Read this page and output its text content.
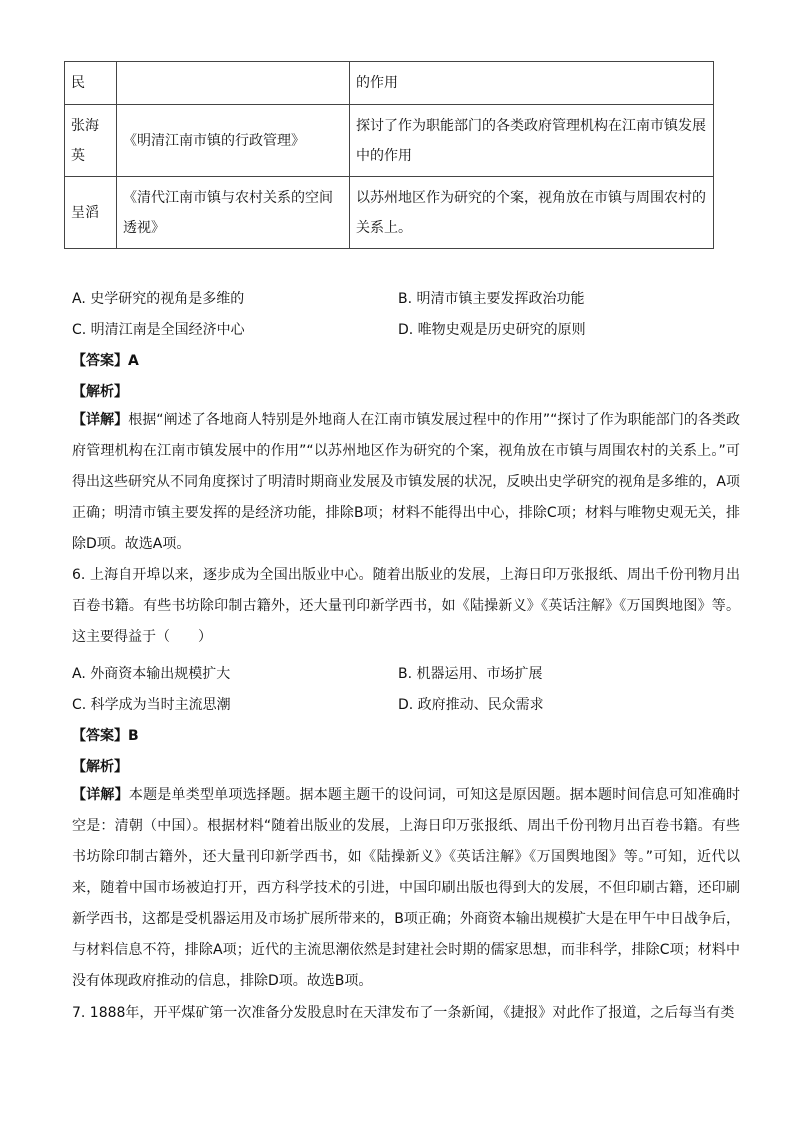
民		的作用

张海英	《明清江南市镇的行政管理》	探讨了作为职能部门的各类政府管理机构在江南市镇发展中的作用

呈滔	《清代江南市镇与农村关系的空间透视》	以苏州地区作为研究的个案，视角放在市镇与周围农村的关系上。
A. 史学研究的视角是多维的	B. 明清市镇主要发挥政治功能
C. 明清江南是全国经济中心	D. 唯物史观是历史研究的原则
【答案】A
【解析】
【详解】根据“阐述了各地商人特别是外地商人在江南市镇发展过程中的作用”“探讨了作为职能部门的各类政府管理机构在江南市镇发展中的作用”“以苏州地区作为研究的个案，视角放在市镇与周围农村的关系上。”可得出这些研究从不同角度探讨了明清时期商业发展及市镇发展的状况，反映出史学研究的视角是多维的，A项正确；明清市镇主要发挥的是经济功能，排除B项；材料不能得出中心，排除C项；材料与唯物史观无关，排除D项。故选A项。
6. 上海自开埠以来，逐步成为全国出版业中心。随着出版业的发展，上海日印万张报纸、周出千份刊物月出百卷书籍。有些书坊除印制古籍外，还大量刊印新学西书，如《陆操新义》《英话注解》《万国舆地图》等。这主要得益于（　　）
A. 外商资本输出规模扩大	B. 机器运用、市场扩展
C. 科学成为当时主流思潮	D. 政府推动、民众需求
【答案】B
【解析】
【详解】本题是单类型单项选择题。据本题主题干的设问词，可知这是原因题。据本题时间信息可知准确时空是：清朝（中国）。根据材料“随着出版业的发展，上海日印万张报纸、周出千份刊物月出百卷书籍。有些书坊除印制古籍外，还大量刊印新学西书，如《陆操新义》《英话注解》《万国舆地图》等。”可知，近代以来，随着中国市场被迫打开，西方科学技术的引进，中国印刷出版也得到大的发展，不但印刷古籍，还印刷新学西书，这都是受机器运用及市场扩展所带来的，B项正确；外商资本输出规模扩大是在甲午中日战争后，与材料信息不符，排除A项；近代的主流思潮依然是封建社会时期的儒家思想，而非科学，排除C项；材料中没有体现政府推动的信息，排除D项。故选B项。
7. 1888年，开平煤矿第一次准备分发股息时在天津发布了一条新闻，《捷报》对此作了报道，之后每当有类
